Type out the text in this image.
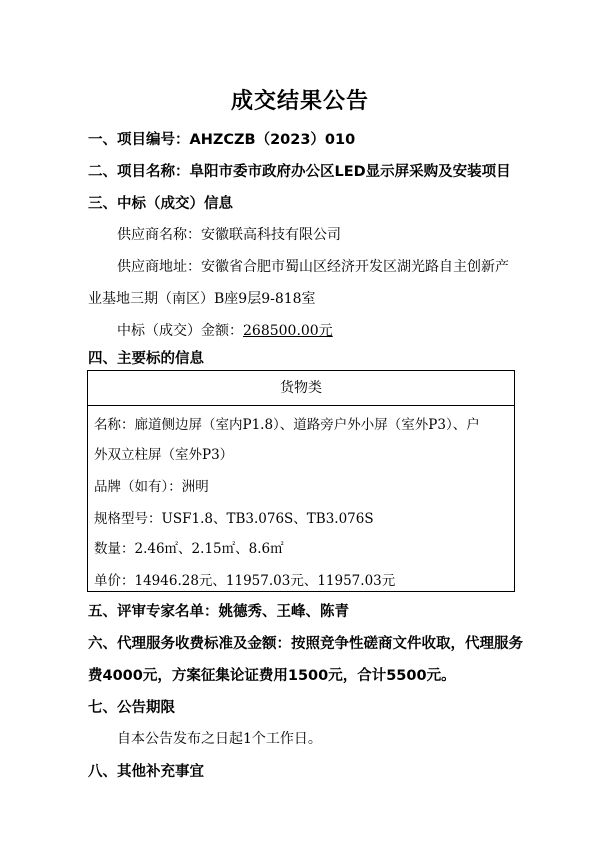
成交结果公告
一、项目编号：AHZCZB（2023）010
二、项目名称：阜阳市委市政府办公区LED显示屏采购及安装项目
三、中标（成交）信息
供应商名称：安徽联高科技有限公司
供应商地址：安徽省合肥市蜀山区经济开发区湖光路自主创新产
业基地三期（南区）B座9层9-818室
中标（成交）金额：268500.00元
四、主要标的信息
货物类
名称：廊道侧边屏（室内P1.8）、道路旁户外小屏（室外P3）、户
外双立柱屏（室外P3）
品牌（如有）：洲明
规格型号：USF1.8、TB3.076S、TB3.076S
数量：2.46㎡、2.15㎡、8.6㎡
单价：14946.28元、11957.03元、11957.03元
五、评审专家名单：姚德秀、王峰、陈青
六、代理服务收费标准及金额：按照竞争性磋商文件收取，代理服务
费4000元，方案征集论证费用1500元，合计5500元。
七、公告期限
自本公告发布之日起1个工作日。
八、其他补充事宜
